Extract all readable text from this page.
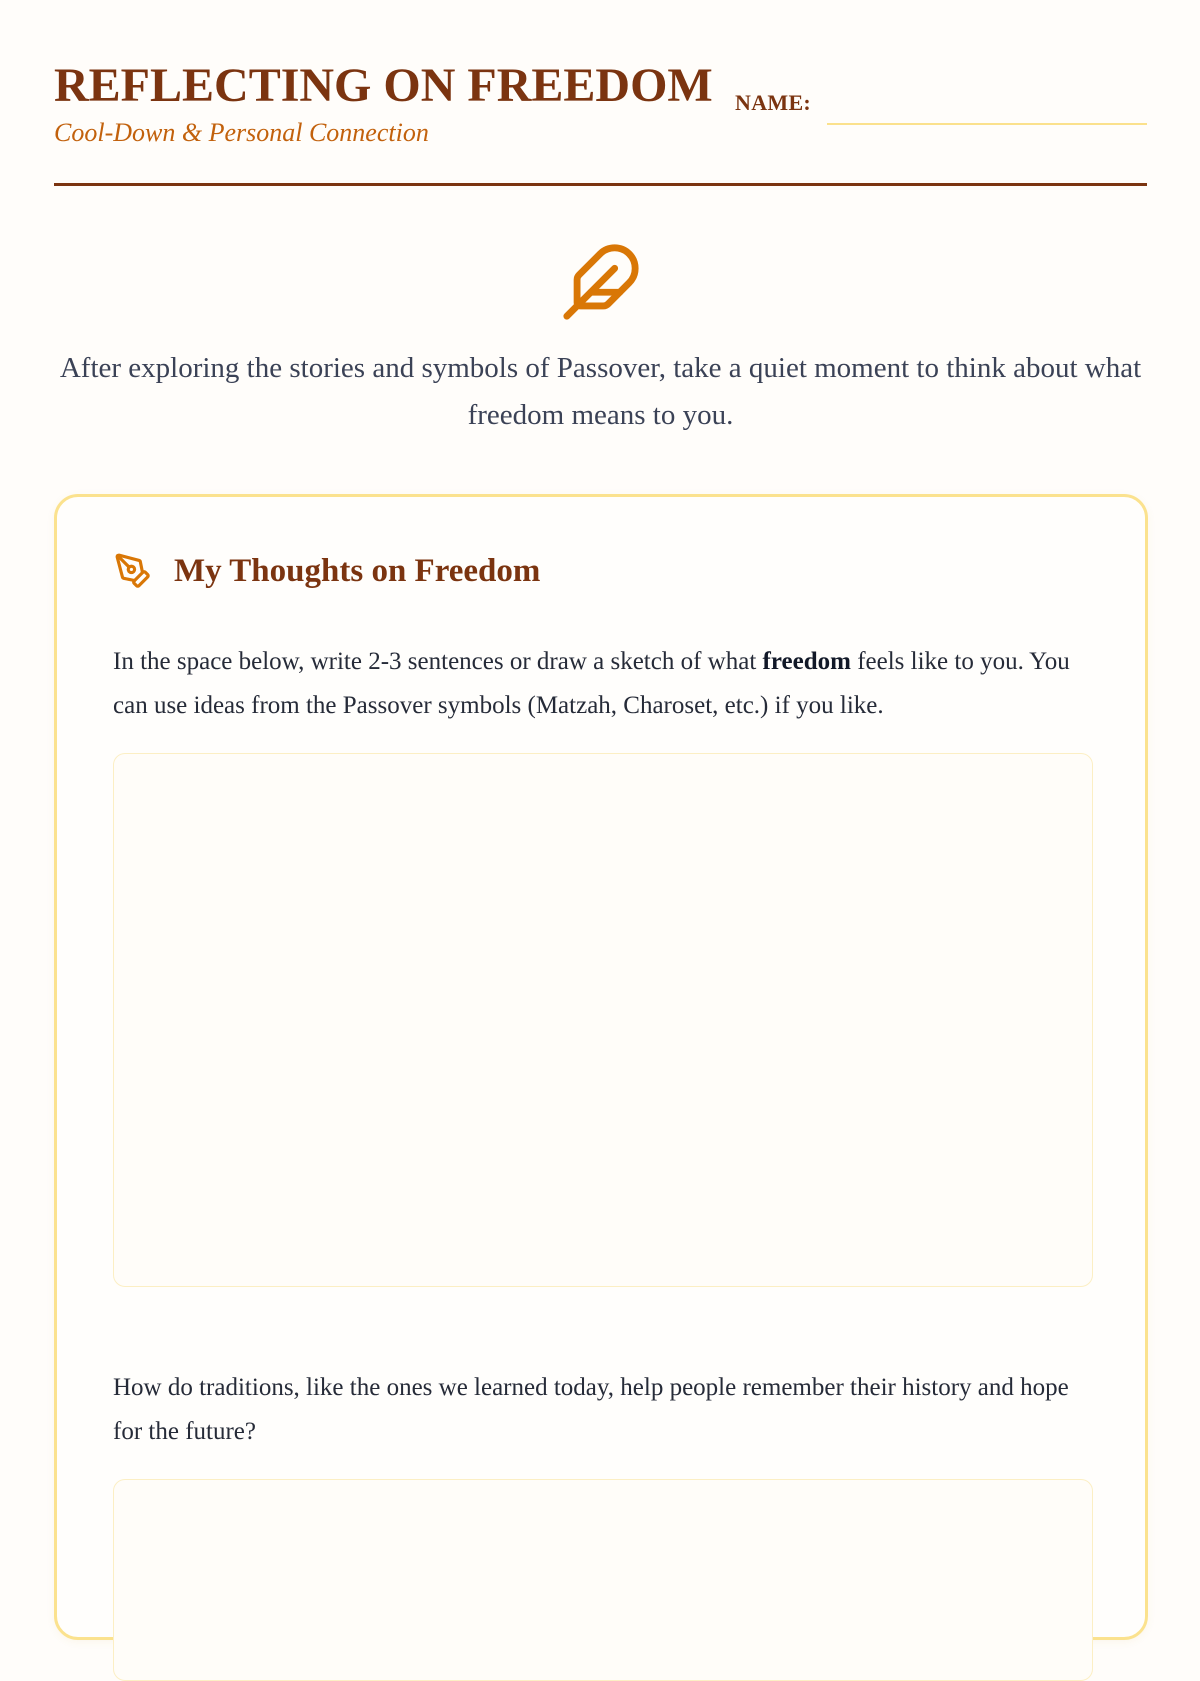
REFLECTING ON FREEDOM
Cool-Down & Personal Connection
NAME:
After exploring the stories and symbols of Passover, take a quiet moment to think about what freedom means to you.
My Thoughts on Freedom
In the space below, write 2-3 sentences or draw a sketch of what freedom feels like to you. You can use ideas from the Passover symbols (Matzah, Charoset, etc.) if you like.
How do traditions, like the ones we learned today, help people remember their history and hope for the future?
